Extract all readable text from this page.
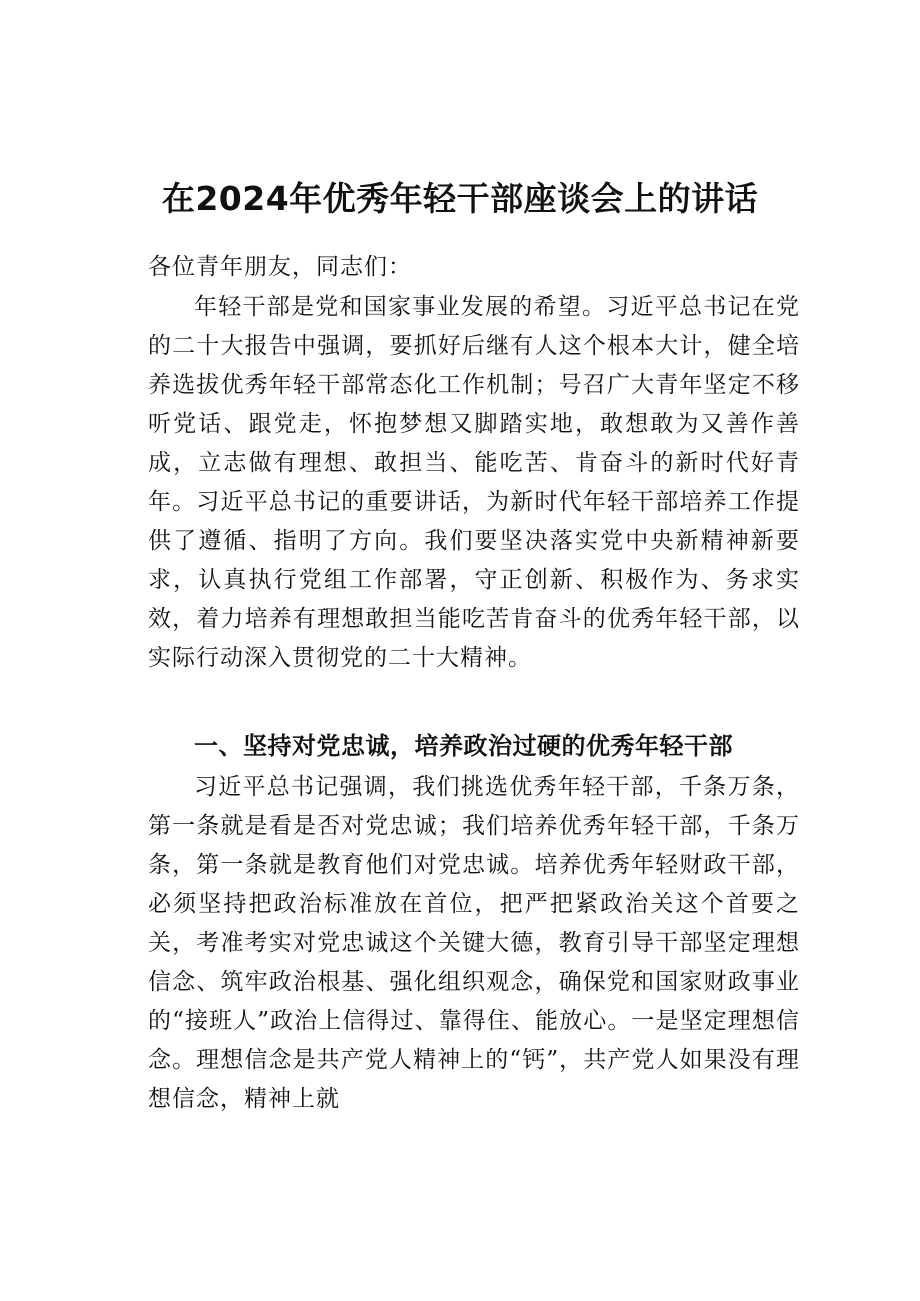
在2024年优秀年轻干部座谈会上的讲话

各位青年朋友，同志们：

年轻干部是党和国家事业发展的希望。习近平总书记在党的二十大报告中强调，要抓好后继有人这个根本大计，健全培养选拔优秀年轻干部常态化工作机制；号召广大青年坚定不移听党话、跟党走，怀抱梦想又脚踏实地，敢想敢为又善作善成，立志做有理想、敢担当、能吃苦、肯奋斗的新时代好青年。习近平总书记的重要讲话，为新时代年轻干部培养工作提供了遵循、指明了方向。我们要坚决落实党中央新精神新要求，认真执行党组工作部署，守正创新、积极作为、务求实效，着力培养有理想敢担当能吃苦肯奋斗的优秀年轻干部，以实际行动深入贯彻党的二十大精神。

一、坚持对党忠诚，培养政治过硬的优秀年轻干部

习近平总书记强调，我们挑选优秀年轻干部，千条万条，第一条就是看是否对党忠诚；我们培养优秀年轻干部，千条万条，第一条就是教育他们对党忠诚。培养优秀年轻财政干部，必须坚持把政治标准放在首位，把严把紧政治关这个首要之关，考准考实对党忠诚这个关键大德，教育引导干部坚定理想信念、筑牢政治根基、强化组织观念，确保党和国家财政事业的“接班人”政治上信得过、靠得住、能放心。一是坚定理想信念。理想信念是共产党人精神上的“钙”，共产党人如果没有理想信念，精神上就
